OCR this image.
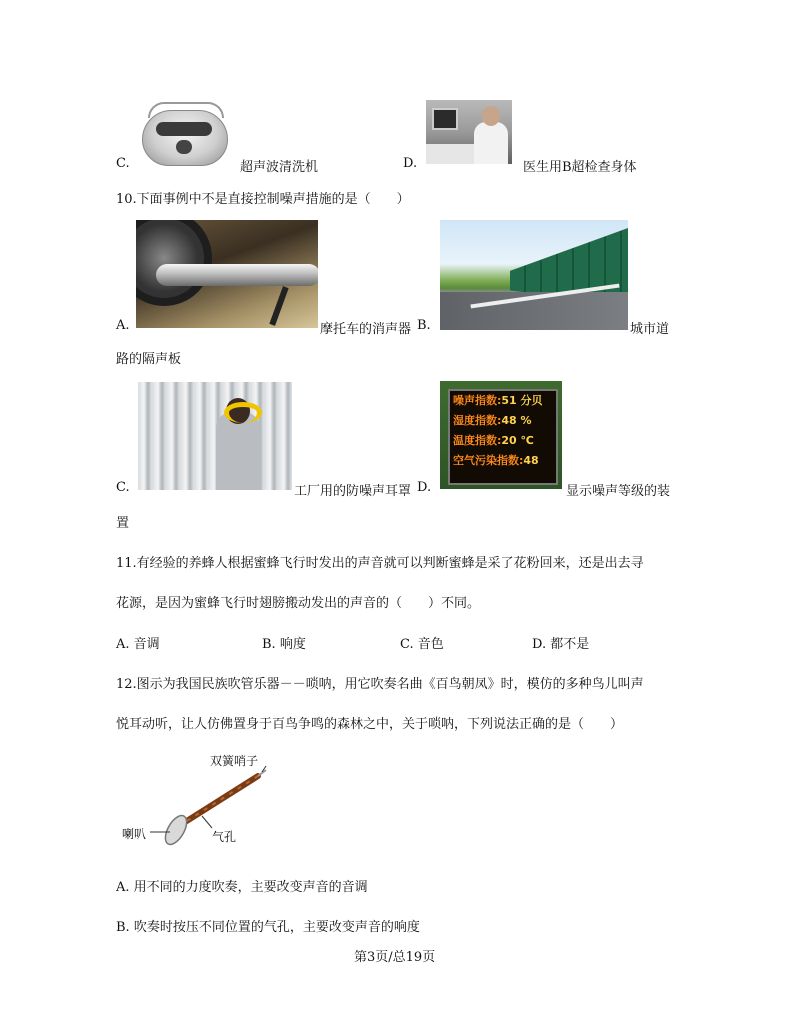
C.	超声波清洗机	D.	医生用B超检查身体
10.下面事例中不是直接控制噪声措施的是（　　）
A.	摩托车的消声器 B.	城市道
路的隔声板
C.	工厂用的防噪声耳罩 D.
噪声指数:51 分贝
湿度指数:48 %
温度指数:20 ℃
空气污染指数:48
显示噪声等级的装
置
11.有经验的养蜂人根据蜜蜂飞行时发出的声音就可以判断蜜蜂是采了花粉回来，还是出去寻
花源，是因为蜜蜂飞行时翅膀搬动发出的声音的（　　）不同。
A. 音调	B. 响度	C. 音色	D. 都不是
12.图示为我国民族吹管乐器－－唢呐，用它吹奏名曲《百鸟朝凤》时，模仿的多种鸟儿叫声
悦耳动听，让人仿佛置身于百鸟争鸣的森林之中，关于唢呐，下列说法正确的是（　　）
双簧哨子
喇叭	气孔
A. 用不同的力度吹奏，主要改变声音的音调
B. 吹奏时按压不同位置的气孔，主要改变声音的响度
第3页/总19页
